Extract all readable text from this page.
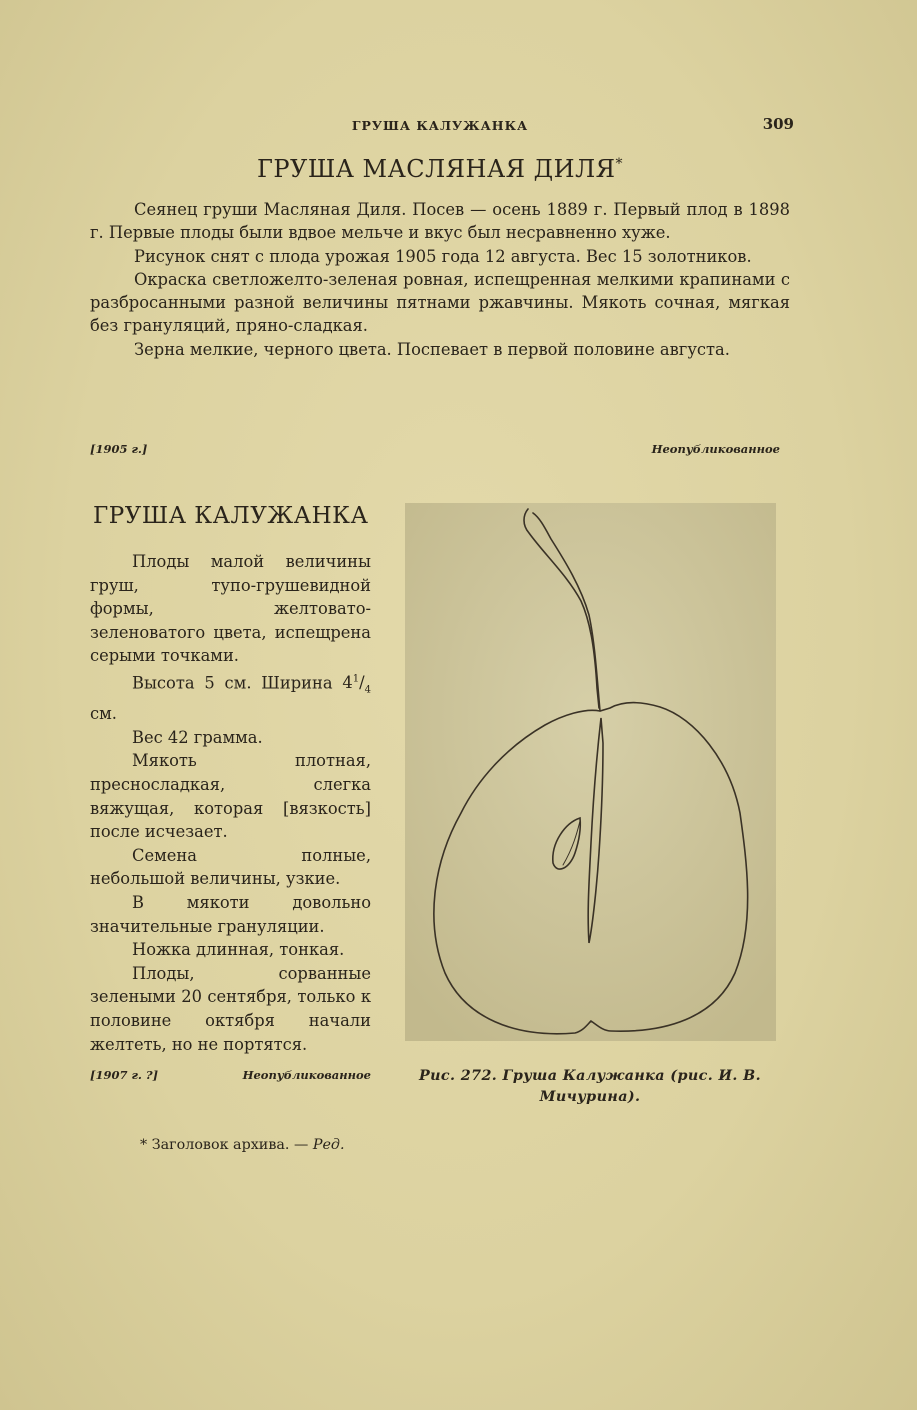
ГРУША КАЛУЖАНКА	309
ГРУША МАСЛЯНАЯ ДИЛЯ*

Сеянец груши Масляная Диля. Посев — осень 1889 г. Первый плод в 1898 г. Первые плоды были вдвое мельче и вкус был несравненно хуже.

Рисунок снят с плода урожая 1905 года 12 августа. Вес 15 золотников.

Окраска светложелто-зеленая ровная, испещренная мелкими крапинами с разбросанными разной величины пятнами ржавчины. Мякоть сочная, мягкая без грануляций, пряно-сладкая.

Зерна мелкие, черного цвета. Поспевает в первой половине августа.

[1905 г.]	Неопубликованное
ГРУША КАЛУЖАНКА

Плоды малой величины груш, тупо-грушевидной формы, желтовато-зеленоватого цвета, испещрена серыми точками.

Высота 5 см. Ширина $4^1/_4$ см.

Вес 42 грамма.

Мякоть плотная, пресносладкая, слегка вяжущая, которая [вязкость] после исчезает.

Семена полные, небольшой величины, узкие.

В мякоти довольно значительные грануляции.

Ножка длинная, тонкая.

Плоды, сорванные зелеными 20 сентября, только к половине октября начали желтеть, но не портятся.

[1907 г. ?]	Неопубликованное	Рис. 272. Груша Калужанка (рис. И. В. Мичурина).
* Заголовок архива. — Ред.
